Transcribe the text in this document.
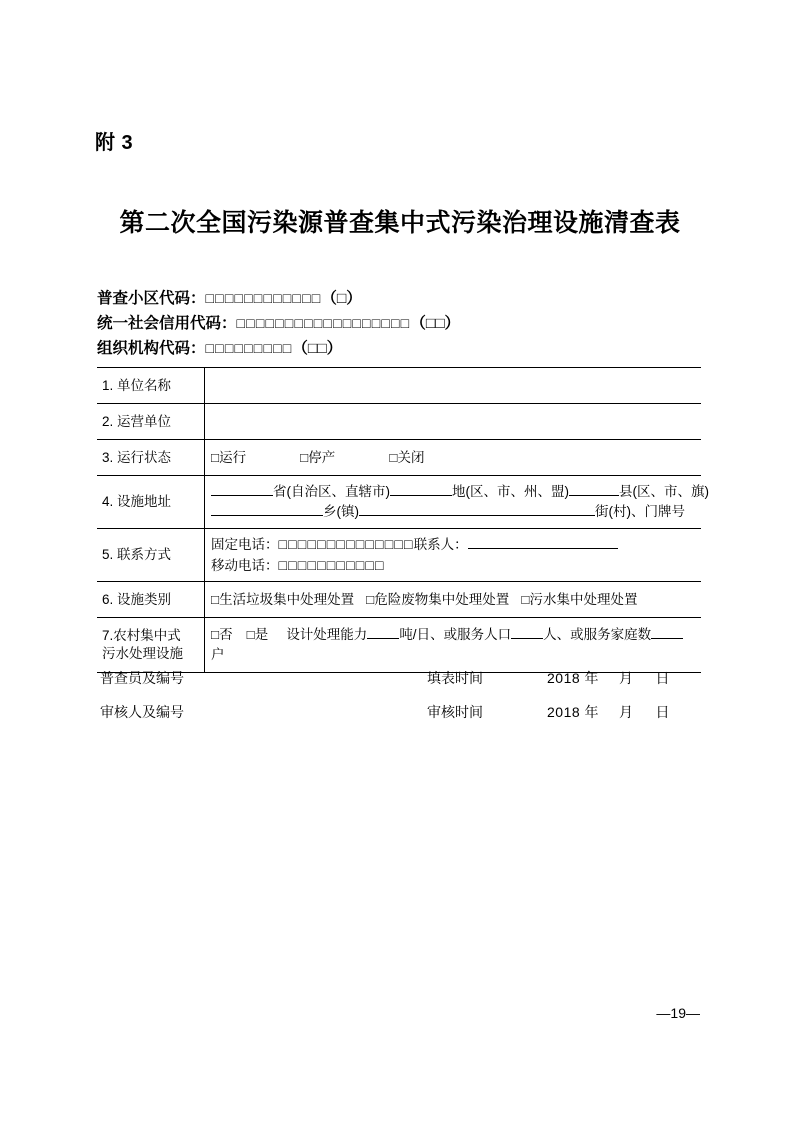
附 3
第二次全国污染源普查集中式污染治理设施清查表
普查小区代码：□□□□□□□□□□□□（□）
统一社会信用代码：□□□□□□□□□□□□□□□□□□（□□）
组织机构代码：□□□□□□□□□（□□）
1. 单位名称	
2. 运营单位	
3. 运行状态	□运行 □停产 □关闭
4. 设施地址	省(自治区、直辖市) 地(区、市、州、盟) 县(区、市、旗)
乡(镇) 街(村)、门牌号

5. 联系方式	固定电话：□□□□□□□□□□□□□□联系人：
移动电话：□□□□□□□□□□□

6. 设施类别	□生活垃圾集中处理处置 □危险废物集中处理处置 □污水集中处理处置

7.农村集中式
污水处理设施	□否 □是 设计处理能力 吨/日、或服务人口 人、或服务家庭数户
普查员及编号	填表时间	2018 年 月 日
审核人及编号	审核时间	2018 年 月 日
—19—
